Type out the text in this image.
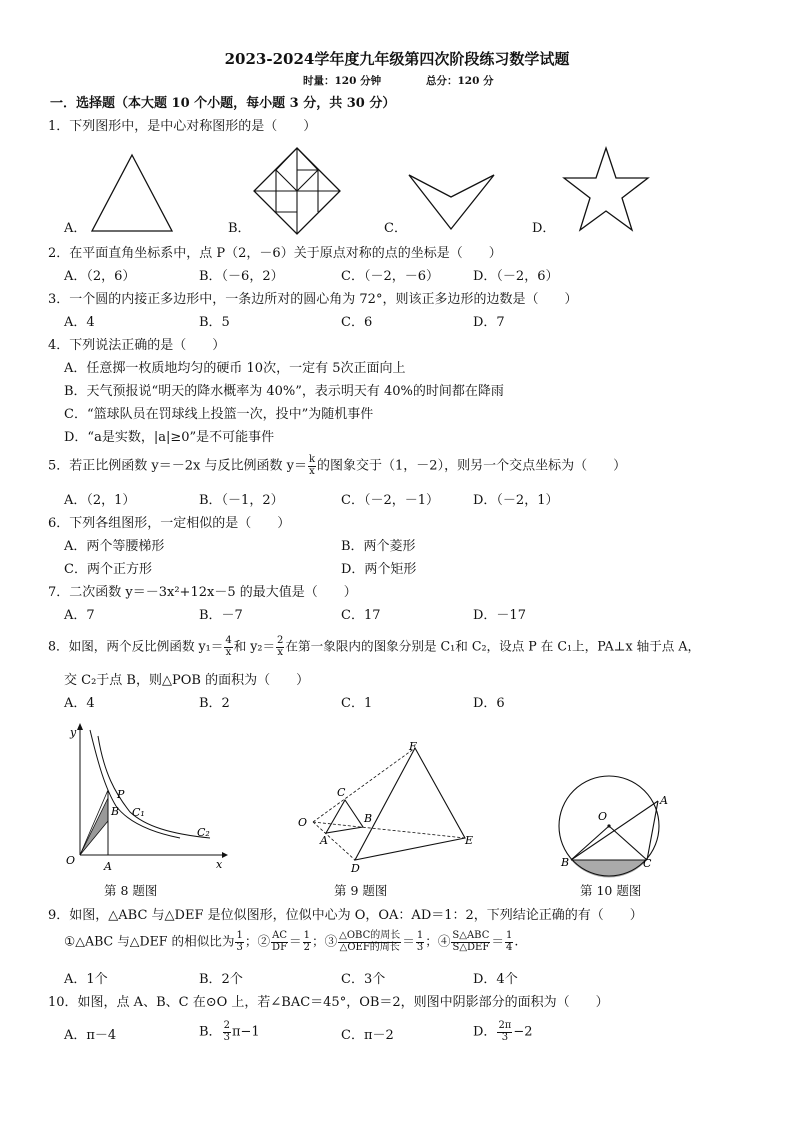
2023-2024学年度九年级第四次阶段练习数学试题
时量：120 分钟	总分：120 分
一．选择题（本大题 10 个小题，每小题 3 分，共 30 分）
1．下列图形中，是中心对称图形的是（　　）
A．	B．	C．	D．
2．在平面直角坐标系中，点 P（2，－6）关于原点对称的点的坐标是（　　）
A．（2，6）	B．（－6，2）	C．（－2，－6）	D．（－2，6）
3．一个圆的内接正多边形中，一条边所对的圆心角为 72°，则该正多边形的边数是（　　）
A．4	B．5	C．6	D．7
4．下列说法正确的是（　　）
A．任意掷一枚质地均匀的硬币 10次，一定有 5次正面向上
B．天气预报说“明天的降水概率为 40%”，表示明天有 40%的时间都在降雨
C．“篮球队员在罚球线上投篮一次，投中”为随机事件
D．“a是实数，|a|≥0”是不可能事件
5．若正比例函数 y＝－2x 与反比例函数 $y= \frac{k}{x}$ 的图象交于（1，－2），则另一个交点坐标为（　　）
A．（2，1）	B．（－1，2）	C．（－2，－1）	D．（－2，1）
6．下列各组图形，一定相似的是（　　）
A．两个等腰梯形	B．两个菱形
C．两个正方形	D．两个矩形
7．二次函数 y＝－3x²+12x－5 的最大值是（　　）
A．7	B．－7	C．17	D．－17
8．如图，两个反比例函数 $y_1= \frac{4}{x}$ 和 $y_2= \frac{2}{x}$ 在第一象限内的图象分别是 C₁和 C₂，设点 P 在 C₁上，PA⊥x 轴于点 A，
交 C₂于点 B，则△POB 的面积为（　　）
A．4	B．2	C．1	D．6
y
x
O	A
B
P
C₁
C₂
第 8 题图
O
A
B
C
D
E
F
第 9 题图
O
A
B	C
第 10 题图
9．如图，△ABC 与△DEF 是位似图形，位似中心为 O，OA：AD＝1：2，下列结论正确的有（　　）
①△ABC 与△DEF 的相似比为 $\frac{1}{3}$ ；② $\frac{AC}{DF} = \frac{1}{2}$ ；③ $\frac{\text{△OBC的周长}}{\text{△OEF的周长}} = \frac{1}{3}$ ；④ $\frac{\text{S△ABC}}{\text{S△DEF}} = \frac{1}{4}$ .
A．1个	B．2个	C．3个	D．4个
10．如图，点 A、B、C 在⊙O 上，若∠BAC＝45°，OB＝2，则图中阴影部分的面积为（　　）
A．π－4	B． $\frac{2}{3} \pi-1$	C．π－2	D． $\frac{2\pi}{3} -2$
